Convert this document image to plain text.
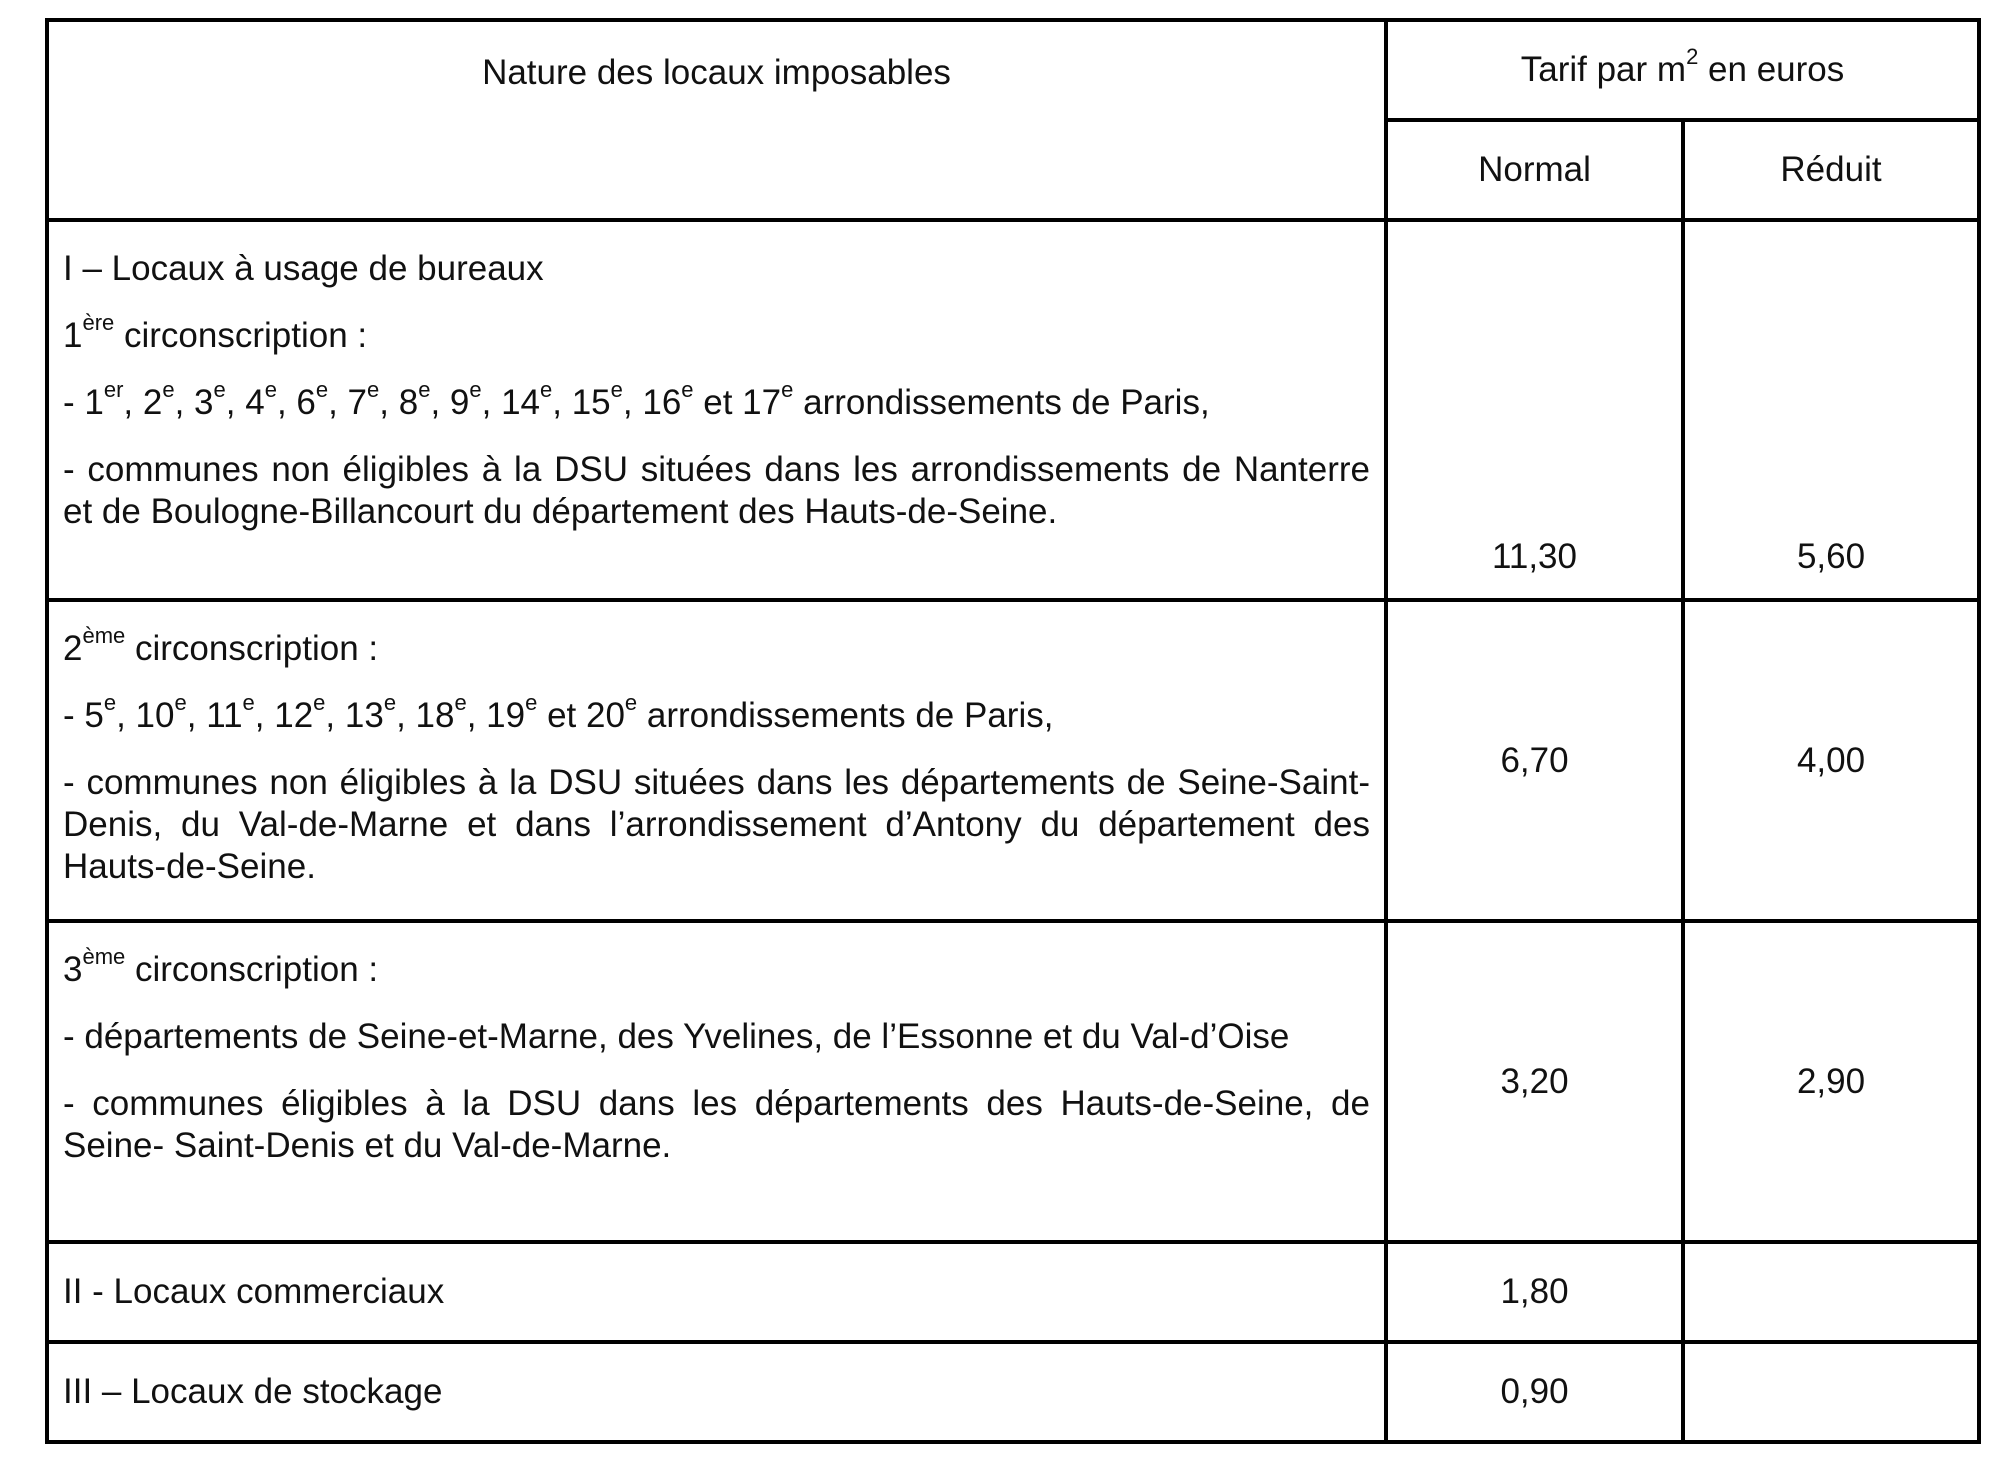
Nature des locaux imposables	Tarif par $m^2$ en euros	
	Normal	Réduit

I – Locaux à usage de bureaux

1ère circonscription :

- 1er, 2e, 3e, 4e, 6e, 7e, 8e, 9e, 14e, 15e, 16e et 17e arrondissements de Paris,

- communes non éligibles à la DSU situées dans les arrondissements de Nanterre et de Boulogne-Billancourt du département des Hauts-de-Seine.	11,30	5,60

2ème circonscription :

- 5e, 10e, 11e, 12e, 13e, 18e, 19e et 20e arrondissements de Paris,

- communes non éligibles à la DSU situées dans les départements de Seine-Saint-Denis, du Val-de-Marne et dans l’arrondissement d’Antony du département des Hauts-de-Seine.	6,70	4,00

3ème circonscription :

- départements de Seine-et-Marne, des Yvelines, de l’Essonne et du Val-d’Oise

- communes éligibles à la DSU dans les départements des Hauts-de-Seine, de Seine- Saint-Denis et du Val-de-Marne.	3,20	2,90
II - Locaux commerciaux	1,80	
III – Locaux de stockage	0,90	
